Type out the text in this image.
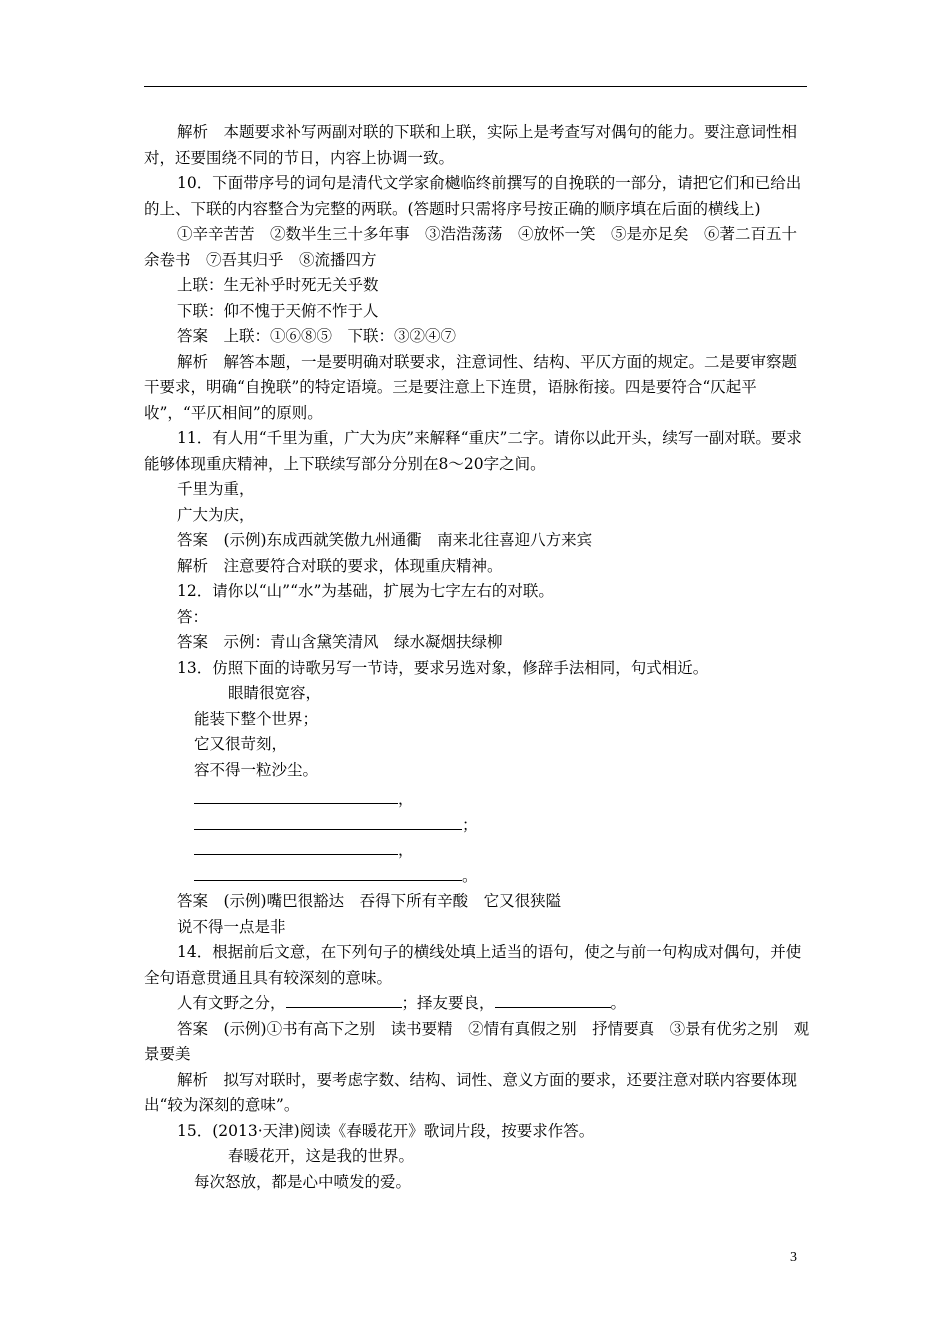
解析　本题要求补写两副对联的下联和上联，实际上是考查写对偶句的能力。要注意词性相对，还要围绕不同的节日，内容上协调一致。

10．下面带序号的词句是清代文学家俞樾临终前撰写的自挽联的一部分，请把它们和已给出的上、下联的内容整合为完整的两联。(答题时只需将序号按正确的顺序填在后面的横线上)

①辛辛苦苦　②数半生三十多年事　③浩浩荡荡　④放怀一笑　⑤是亦足矣　⑥著二百五十余卷书　⑦吾其归乎　⑧流播四方

上联：生无补乎时死无关乎数

下联：仰不愧于天俯不怍于人

答案　上联：①⑥⑧⑤　下联：③②④⑦

解析　解答本题，一是要明确对联要求，注意词性、结构、平仄方面的规定。二是要审察题干要求，明确“自挽联”的特定语境。三是要注意上下连贯，语脉衔接。四是要符合“仄起平收”，“平仄相间”的原则。

11．有人用“千里为重，广大为庆”来解释“重庆”二字。请你以此开头，续写一副对联。要求能够体现重庆精神，上下联续写部分分别在8～20字之间。

千里为重，

广大为庆，

答案　(示例)东成西就笑傲九州通衢　南来北往喜迎八方来宾

解析　注意要符合对联的要求，体现重庆精神。

12．请你以“山”“水”为基础，扩展为七字左右的对联。

答：

答案　示例：青山含黛笑清风　绿水凝烟扶绿柳

13．仿照下面的诗歌另写一节诗，要求另选对象，修辞手法相同，句式相近。

眼睛很宽容，

能装下整个世界；

它又很苛刻，

容不得一粒沙尘。

，

；

，

。

答案　(示例)嘴巴很豁达　吞得下所有辛酸　它又很狭隘

说不得一点是非

14．根据前后文意，在下列句子的横线处填上适当的语句，使之与前一句构成对偶句，并使全句语意贯通且具有较深刻的意味。

人有文野之分，	；择友要良，	。

答案　(示例)①书有高下之别　读书要精　②情有真假之别　抒情要真　③景有优劣之别　观景要美

解析　拟写对联时，要考虑字数、结构、词性、意义方面的要求，还要注意对联内容要体现出“较为深刻的意味”。

15．(2013·天津)阅读《春暖花开》歌词片段，按要求作答。

春暖花开，这是我的世界。

每次怒放，都是心中喷发的爱。

3
